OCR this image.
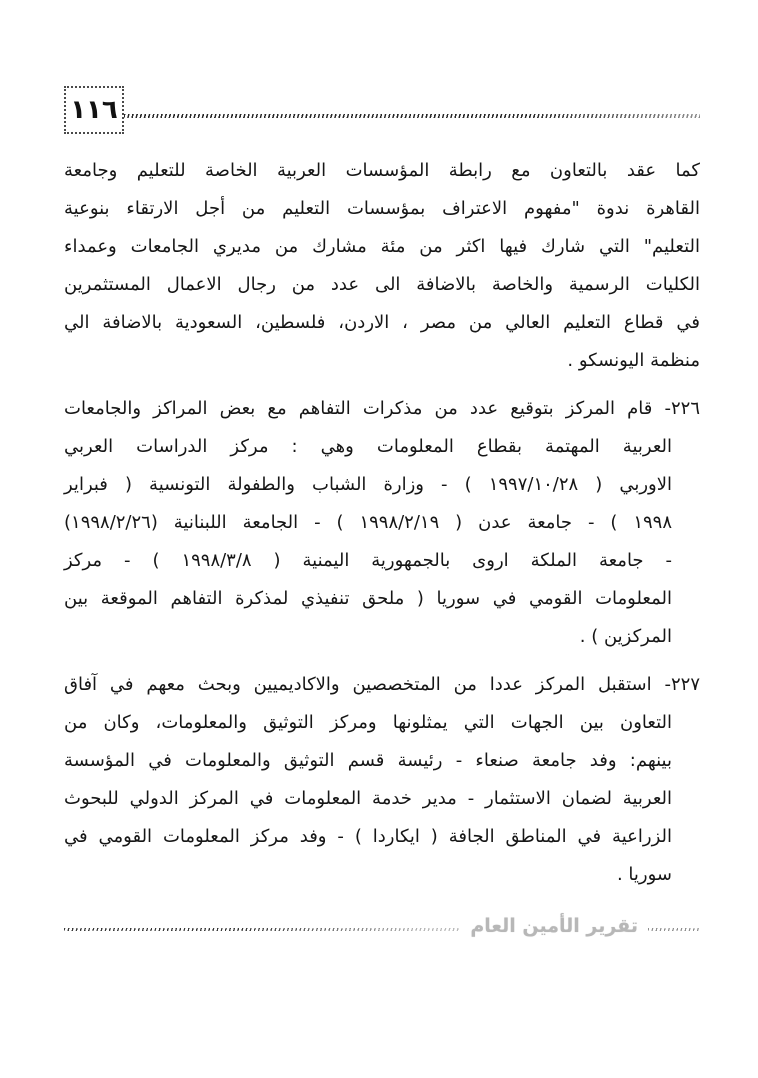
١١٦
كما عقد بالتعاون مع رابطة المؤسسات العربية الخاصة للتعليم وجامعة
القاهرة ندوة "مفهوم الاعتراف بمؤسسات التعليم من أجل الارتقاء بنوعية
التعليم" التي شارك فيها اكثر من مئة مشارك من مديري الجامعات وعمداء
الكليات الرسمية والخاصة بالاضافة الى عدد من رجال الاعمال المستثمرين
في قطاع التعليم العالي من مصر ، الاردن، فلسطين، السعودية بالاضافة الي
منظمة اليونسكو .
٢٢٦- قام المركز بتوقيع عدد من مذكرات التفاهم مع بعض المراكز والجامعات
العربية المهتمة بقطاع المعلومات وهي : مركز الدراسات العربي
الاوربي ( ١٩٩٧/١٠/٢٨ ) - وزارة الشباب والطفولة التونسية ( فبراير
١٩٩٨ ) - جامعة عدن ( ١٩٩٨/٢/١٩ ) - الجامعة اللبنانية (١٩٩٨/٢/٢٦)
- جامعة الملكة اروى بالجمهورية اليمنية ( ١٩٩٨/٣/٨ ) - مركز
المعلومات القومي في سوريا ( ملحق تنفيذي لمذكرة التفاهم الموقعة بين
المركزين ) .
٢٢٧- استقبل المركز عددا من المتخصصين والاكاديميين وبحث معهم في آفاق
التعاون بين الجهات التي يمثلونها ومركز التوثيق والمعلومات، وكان من
بينهم: وفد جامعة صنعاء - رئيسة قسم التوثيق والمعلومات في المؤسسة
العربية لضمان الاستثمار - مدير خدمة المعلومات في المركز الدولي للبحوث
الزراعية في المناطق الجافة ( ايكاردا ) - وفد مركز المعلومات القومي في
سوريا .
تقرير الأمين العام
